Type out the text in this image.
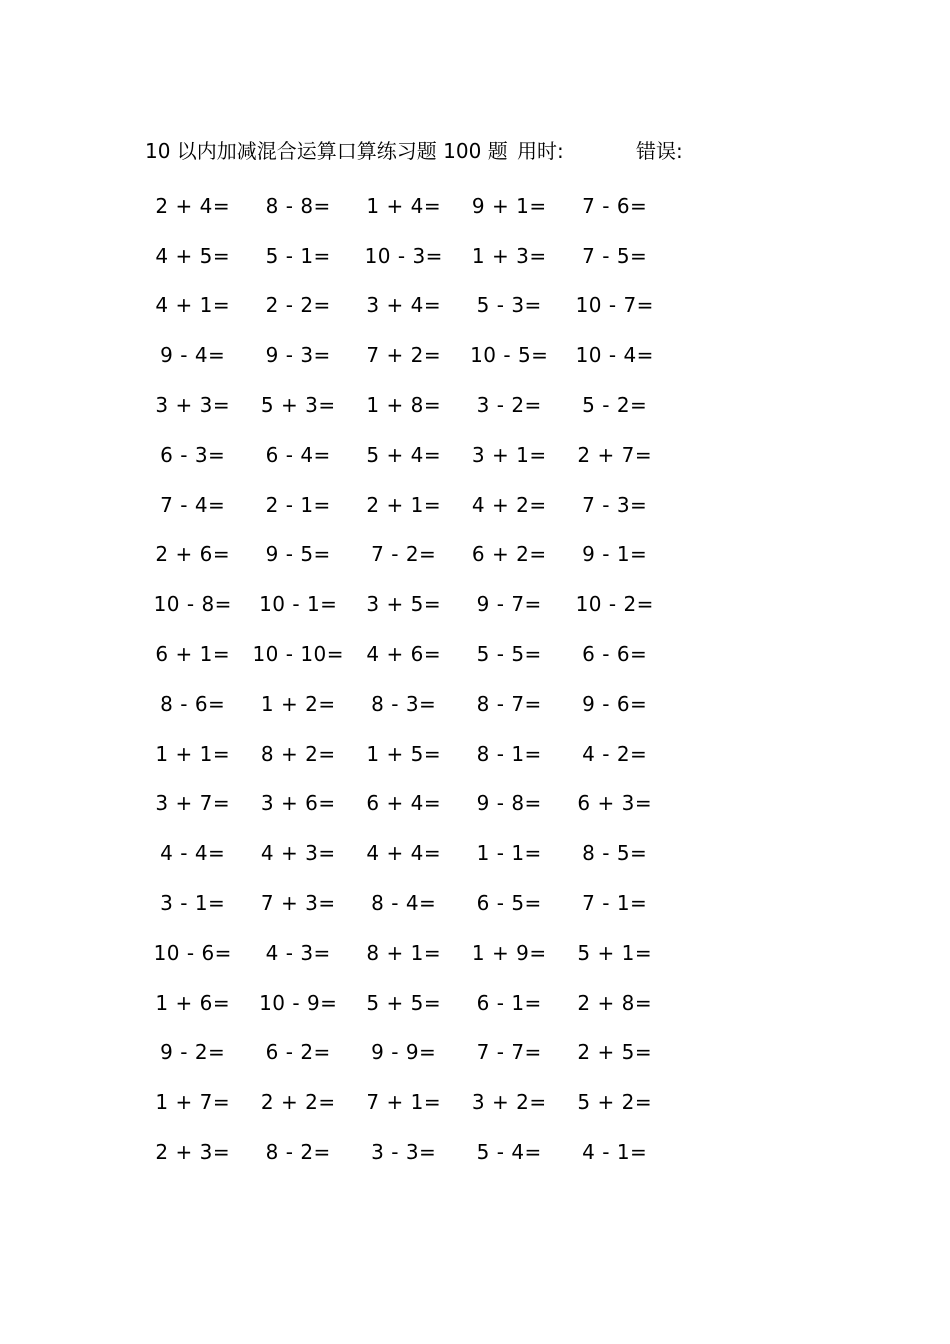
10 以内加减混合运算口算练习题 100 题 用时:	错误:
2 + 4=	8 - 8=	1 + 4=	9 + 1=	7 - 6=
4 + 5=	5 - 1=	10 - 3=	1 + 3=	7 - 5=
4 + 1=	2 - 2=	3 + 4=	5 - 3=	10 - 7=
9 - 4=	9 - 3=	7 + 2=	10 - 5=	10 - 4=
3 + 3=	5 + 3=	1 + 8=	3 - 2=	5 - 2=
6 - 3=	6 - 4=	5 + 4=	3 + 1=	2 + 7=
7 - 4=	2 - 1=	2 + 1=	4 + 2=	7 - 3=
2 + 6=	9 - 5=	7 - 2=	6 + 2=	9 - 1=
10 - 8=	10 - 1=	3 + 5=	9 - 7=	10 - 2=
6 + 1=	10 - 10=	4 + 6=	5 - 5=	6 - 6=
8 - 6=	1 + 2=	8 - 3=	8 - 7=	9 - 6=
1 + 1=	8 + 2=	1 + 5=	8 - 1=	4 - 2=
3 + 7=	3 + 6=	6 + 4=	9 - 8=	6 + 3=
4 - 4=	4 + 3=	4 + 4=	1 - 1=	8 - 5=
3 - 1=	7 + 3=	8 - 4=	6 - 5=	7 - 1=
10 - 6=	4 - 3=	8 + 1=	1 + 9=	5 + 1=
1 + 6=	10 - 9=	5 + 5=	6 - 1=	2 + 8=
9 - 2=	6 - 2=	9 - 9=	7 - 7=	2 + 5=
1 + 7=	2 + 2=	7 + 1=	3 + 2=	5 + 2=
2 + 3=	8 - 2=	3 - 3=	5 - 4=	4 - 1=
